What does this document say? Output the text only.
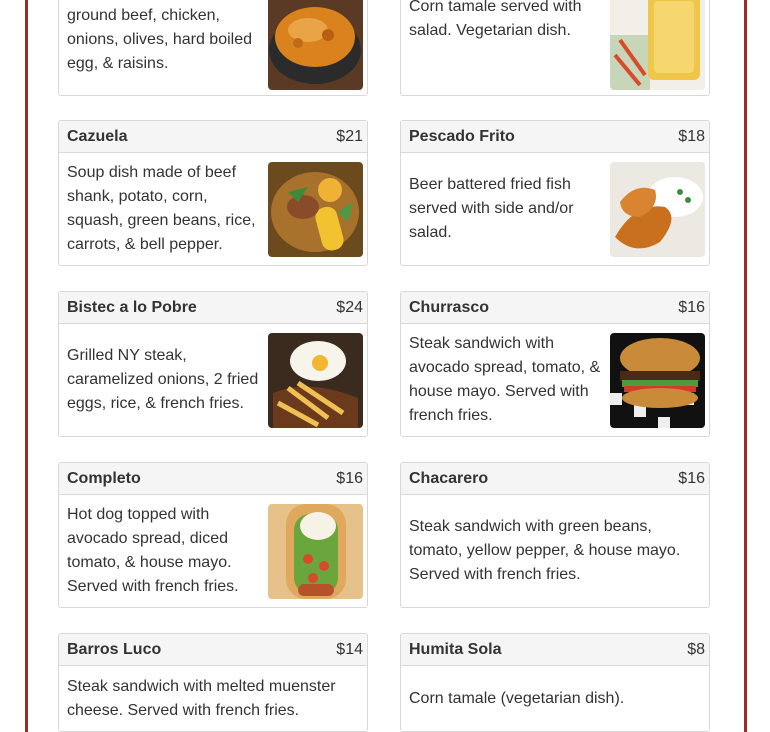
ground beef, chicken, onions, olives, hard boiled egg, & raisins.
Corn tamale served with salad. Vegetarian dish.
Cazuela	$21
Soup dish made of beef shank, potato, corn, squash, green beans, rice, carrots, & bell pepper.
Pescado Frito	$18
Beer battered fried fish served with side and/or salad.
Bistec a lo Pobre	$24
Grilled NY steak, caramelized onions, 2 fried eggs, rice, & french fries.
Churrasco	$16
Steak sandwich with avocado spread, tomato, & house mayo. Served with french fries.
Completo	$16
Hot dog topped with avocado spread, diced tomato, & house mayo. Served with french fries.
Chacarero	$16
Steak sandwich with green beans, tomato, yellow pepper, & house mayo. Served with french fries.
Barros Luco	$14
Steak sandwich with melted muenster cheese. Served with french fries.
Humita Sola	$8
Corn tamale (vegetarian dish).
